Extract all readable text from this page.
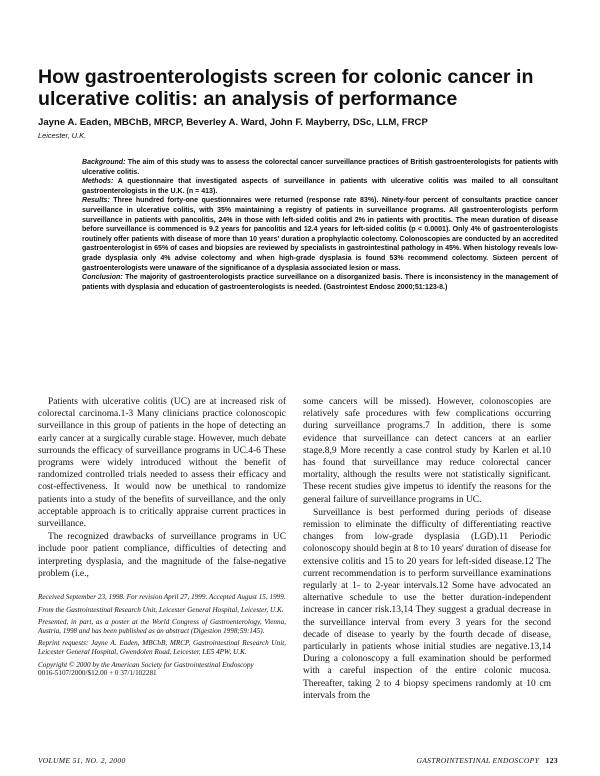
How gastroenterologists screen for colonic cancer in ulcerative colitis: an analysis of performance
Jayne A. Eaden, MBChB, MRCP, Beverley A. Ward, John F. Mayberry, DSc, LLM, FRCP
Leicester, U.K.

Background: The aim of this study was to assess the colorectal cancer surveillance practices of British gastroenterologists for patients with ulcerative colitis.

Methods: A questionnaire that investigated aspects of surveillance in patients with ulcerative colitis was mailed to all consultant gastroenterologists in the U.K. (n = 413).

Results: Three hundred forty-one questionnaires were returned (response rate 83%). Ninety-four percent of consultants practice cancer surveillance in ulcerative colitis, with 35% maintaining a registry of patients in surveillance programs. All gastroenterologists perform surveillance in patients with pancolitis, 24% in those with left-sided colitis and 2% in patients with proctitis. The mean duration of disease before surveillance is commenced is 9.2 years for pancolitis and 12.4 years for left-sided colitis (p < 0.0001). Only 4% of gastroenterologists routinely offer patients with disease of more than 10 years' duration a prophylactic colectomy. Colonoscopies are conducted by an accredited gastroenterologist in 65% of cases and biopsies are reviewed by specialists in gastrointestinal pathology in 45%. When histology reveals low-grade dysplasia only 4% advise colectomy and when high-grade dysplasia is found 53% recommend colectomy. Sixteen percent of gastroenterologists were unaware of the significance of a dysplasia associated lesion or mass.

Conclusion: The majority of gastroenterologists practice surveillance on a disorganized basis. There is inconsistency in the management of patients with dysplasia and education of gastroenterologists is needed. (Gastrointest Endosc 2000;51:123-8.)

Patients with ulcerative colitis (UC) are at increased risk of colorectal carcinoma.1-3 Many clinicians practice colonoscopic surveillance in this group of patients in the hope of detecting an early cancer at a surgically curable stage. However, much debate surrounds the efficacy of surveillance programs in UC.4-6 These programs were widely introduced without the benefit of randomized controlled trials needed to assess their efficacy and cost-effectiveness. It would now be unethical to randomize patients into a study of the benefits of surveillance, and the only acceptable approach is to critically appraise current practices in surveillance.

The recognized drawbacks of surveillance programs in UC include poor patient compliance, difficulties of detecting and interpreting dysplasia, and the magnitude of the false-negative problem (i.e.,

Received September 23, 1998. For revision April 27, 1999. Accepted August 15, 1999.

From the Gastrointestinal Research Unit, Leicester General Hospital, Leicester, U.K.

Presented, in part, as a poster at the World Congress of Gastroenterology, Vienna, Austria, 1998 and has been published as an abstract (Digestion 1998;59:145).

Reprint requests: Jayne A. Eaden, MBChB, MRCP, Gastrointestinal Research Unit, Leicester General Hospital, Gwendolen Road, Leicester, LE5 4PW, U.K.

Copyright © 2000 by the American Society for Gastrointestinal Endoscopy
0016-5107/2000/$12.00 + 0 37/1/102281

some cancers will be missed). However, colonoscopies are relatively safe procedures with few complications occurring during surveillance programs.7 In addition, there is some evidence that surveillance can detect cancers at an earlier stage.8,9 More recently a case control study by Karlen et al.10 has found that surveillance may reduce colorectal cancer mortality, although the results were not statistically significant. These recent studies give impetus to identify the reasons for the general failure of surveillance programs in UC.

Surveillance is best performed during periods of disease remission to eliminate the difficulty of differentiating reactive changes from low-grade dysplasia (LGD).11 Periodic colonoscopy should begin at 8 to 10 years' duration of disease for extensive colitis and 15 to 20 years for left-sided disease.12 The current recommendation is to perform surveillance examinations regularly at 1- to 2-year intervals.12 Some have advocated an alternative schedule to use the better duration-independent increase in cancer risk.13,14 They suggest a gradual decrease in the surveillance interval from every 3 years for the second decade of disease to yearly by the fourth decade of disease, particularly in patients whose initial studies are negative.13,14 During a colonoscopy a full examination should be performed with a careful inspection of the entire colonic mucosa. Thereafter, taking 2 to 4 biopsy specimens randomly at 10 cm intervals from the

VOLUME 51, NO. 2, 2000	GASTROINTESTINAL ENDOSCOPY 123
